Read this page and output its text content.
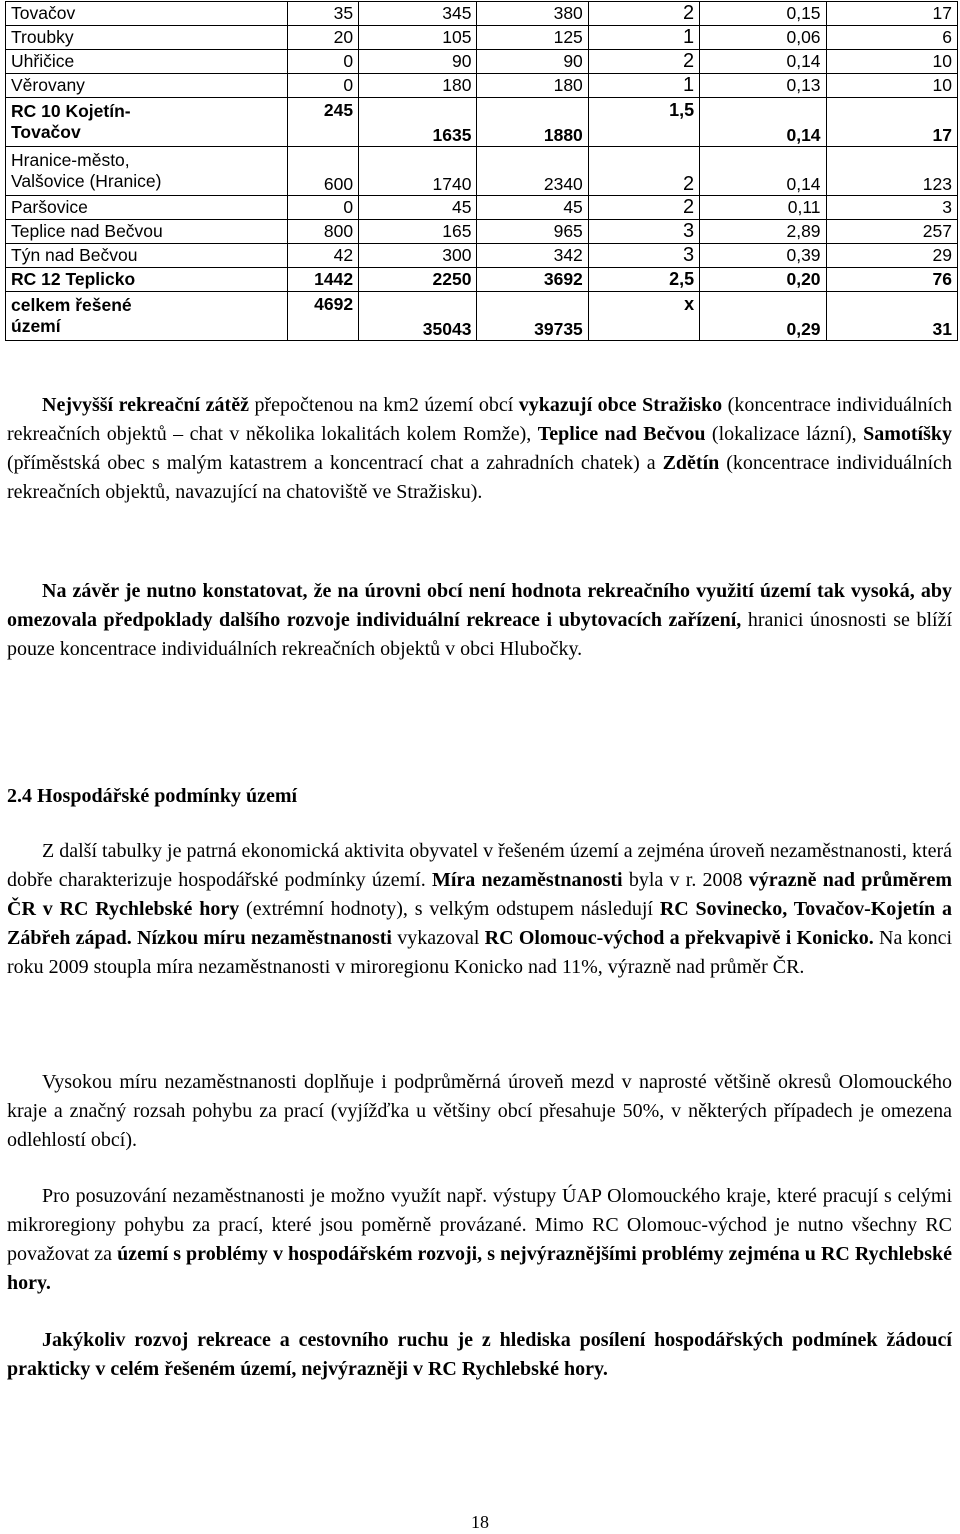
Tovačov	35	345	380	2	0,15	17
Troubky	20	105	125	1	0,06	6
Uhřičice	0	90	90	2	0,14	10
Věrovany	0	180	180	1	0,13	10
RC 10 Kojetín-
Tovačov	245	1635	1880	1,5	0,14	17
Hranice-město,
Valšovice (Hranice)	600	1740	2340	2	0,14	123
Paršovice	0	45	45	2	0,11	3
Teplice nad Bečvou	800	165	965	3	2,89	257
Týn nad Bečvou	42	300	342	3	0,39	29
RC 12 Teplicko	1442	2250	3692	2,5	0,20	76
celkem řešené
území	4692	35043	39735	x	0,29	31

Nejvyšší rekreační zátěž přepočtenou na km2 území obcí vykazují obce Stražisko (koncentrace individuálních rekreačních objektů – chat v několika lokalitách kolem Romže), Teplice nad Bečvou (lokalizace lázní), Samotíšky (příměstská obec s malým katastrem a koncentrací chat a zahradních chatek) a Zdětín (koncentrace individuálních rekreačních objektů, navazující na chatoviště ve Stražisku).

Na závěr je nutno konstatovat, že na úrovni obcí není hodnota rekreačního využití území tak vysoká, aby omezovala předpoklady dalšího rozvoje individuální rekreace i ubytovacích zařízení, hranici únosnosti se blíží pouze koncentrace individuálních rekreačních objektů v obci Hlubočky.

2.4 Hospodářské podmínky území

Z další tabulky je patrná ekonomická aktivita obyvatel v řešeném území a zejména úroveň nezaměstnanosti, která dobře charakterizuje hospodářské podmínky území. Míra nezaměstnanosti byla v r. 2008 výrazně nad průměrem ČR v RC Rychlebské hory (extrémní hodnoty), s velkým odstupem následují RC Sovinecko, Tovačov-Kojetín a Zábřeh západ. Nízkou míru nezaměstnanosti vykazoval RC Olomouc-východ a překvapivě i Konicko. Na konci roku 2009 stoupla míra nezaměstnanosti v miroregionu Konicko nad 11%, výrazně nad průměr ČR.

Vysokou míru nezaměstnanosti doplňuje i podprůměrná úroveň mezd v naprosté většině okresů Olomouckého kraje a značný rozsah pohybu za prací (vyjížďka u většiny obcí přesahuje 50%, v některých případech je omezena odlehlostí obcí).

Pro posuzování nezaměstnanosti je možno využít např. výstupy ÚAP Olomouckého kraje, které pracují s celými mikroregiony pohybu za prací, které jsou poměrně provázané. Mimo RC Olomouc-východ je nutno všechny RC považovat za území s problémy v hospodářském rozvoji, s nejvýraznějšími problémy zejména u RC Rychlebské hory.

Jakýkoliv rozvoj rekreace a cestovního ruchu je z hlediska posílení hospodářských podmínek žádoucí prakticky v celém řešeném území, nejvýrazněji v RC Rychlebské hory.

18
